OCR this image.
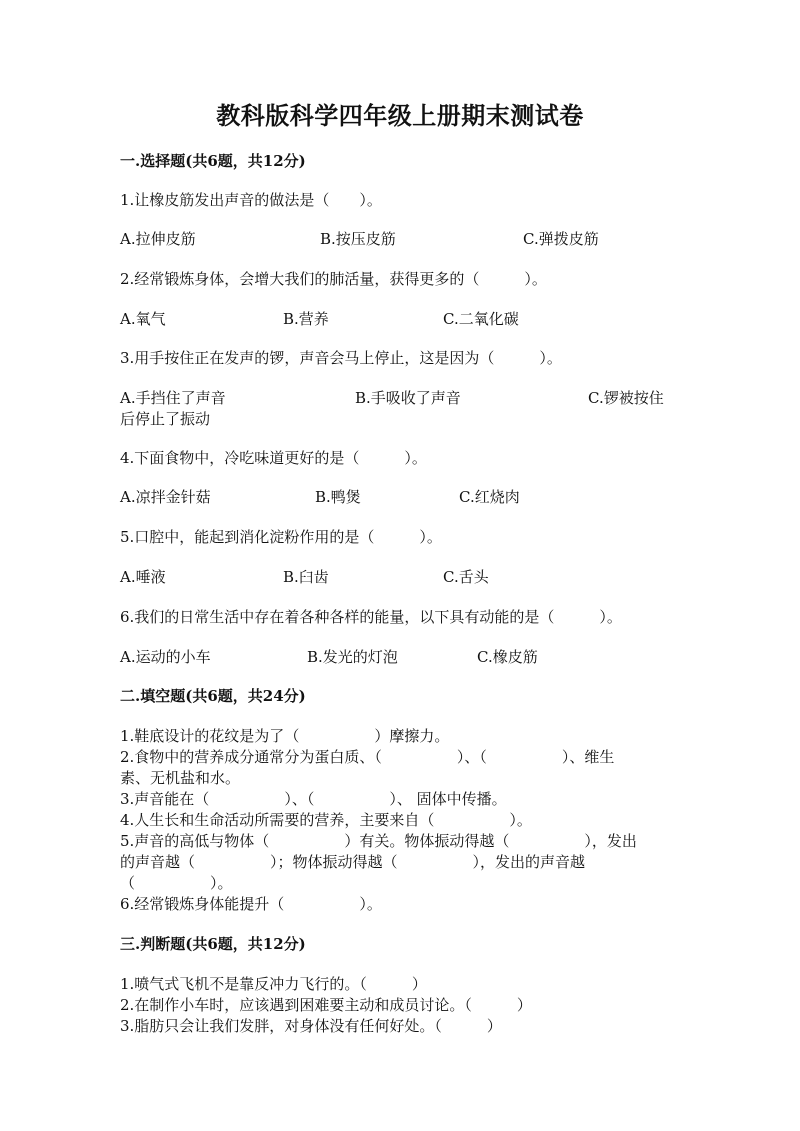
教科版科学四年级上册期末测试卷
一.选择题(共6题，共12分)
1.让橡皮筋发出声音的做法是（　　）。
A.拉伸皮筋	B.按压皮筋	C.弹拨皮筋
2.经常锻炼身体，会增大我们的肺活量，获得更多的（　　　）。
A.氧气	B.营养	C.二氧化碳
3.用手按住正在发声的锣，声音会马上停止，这是因为（　　　）。
A.手挡住了声音	B.手吸收了声音	C.锣被按住
后停止了振动
4.下面食物中，冷吃味道更好的是（　　　）。
A.凉拌金针菇	B.鸭煲	C.红烧肉
5.口腔中，能起到消化淀粉作用的是（　　　）。
A.唾液	B.臼齿	C.舌头
6.我们的日常生活中存在着各种各样的能量，以下具有动能的是（　　　）。
A.运动的小车	B.发光的灯泡	C.橡皮筋
二.填空题(共6题，共24分)
1.鞋底设计的花纹是为了（　　　　　）摩擦力。
2.食物中的营养成分通常分为蛋白质、（　　　　　）、（　　　　　）、维生
素、无机盐和水。
3.声音能在（　　　　　）、（　　　　　）、 固体中传播。
4.人生长和生命活动所需要的营养，主要来自（　　　　　）。
5.声音的高低与物体（　　　　　）有关。物体振动得越（　　　　　），发出
的声音越（　　　　　）；物体振动得越（　　　　　），发出的声音越
（　　　　　）。
6.经常锻炼身体能提升（　　　　　）。
三.判断题(共6题，共12分)
1.喷气式飞机不是靠反冲力飞行的。（　　　）
2.在制作小车时，应该遇到困难要主动和成员讨论。（　　　）
3.脂肪只会让我们发胖，对身体没有任何好处。（　　　）
